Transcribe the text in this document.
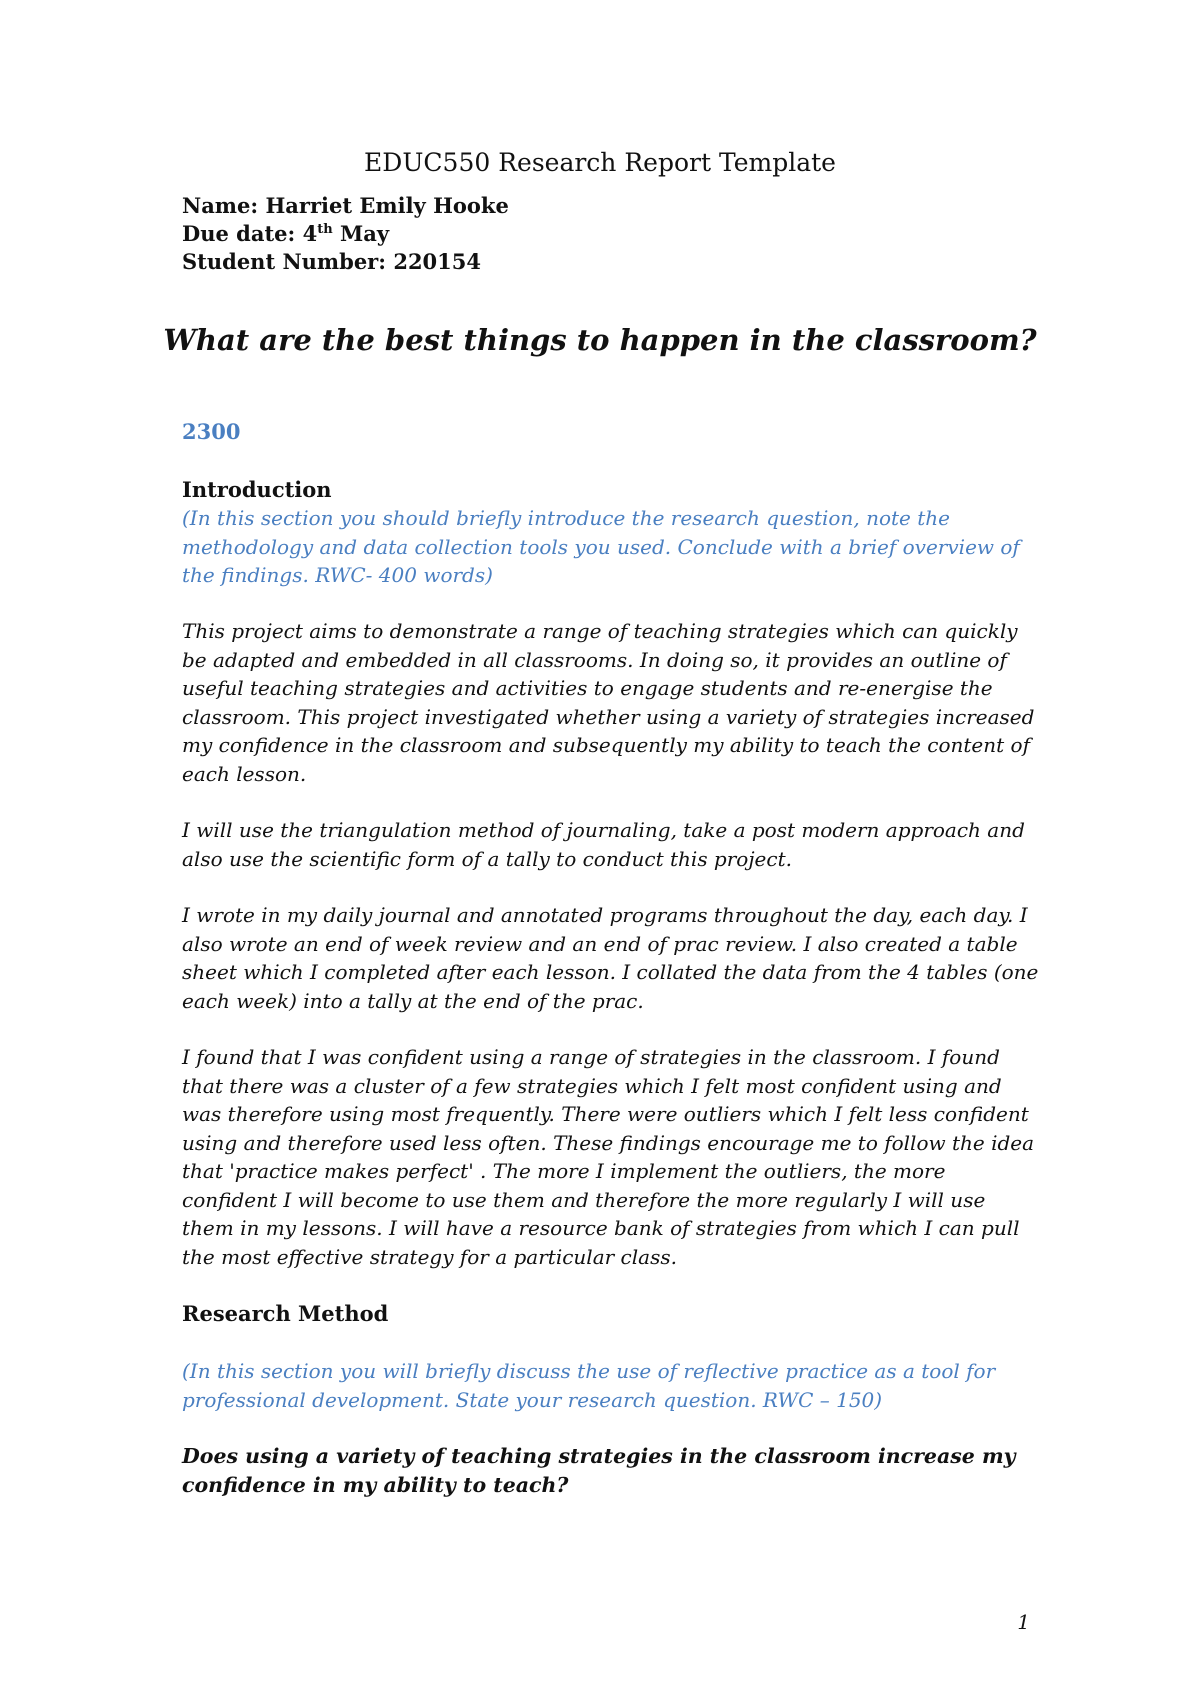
EDUC550 Research Report Template
Name: Harriet Emily Hooke
Due date: 4th May
Student Number: 220154
What are the best things to happen in the classroom?
2300
Introduction
(In this section you should briefly introduce the research question, note the methodology and data collection tools you used. Conclude with a brief overview of the findings. RWC- 400 words)
This project aims to demonstrate a range of teaching strategies which can quickly be adapted and embedded in all classrooms. In doing so, it provides an outline of useful teaching strategies and activities to engage students and re-energise the classroom. This project investigated whether using a variety of strategies increased my confidence in the classroom and subsequently my ability to teach the content of each lesson.
I will use the triangulation method of journaling, take a post modern approach and also use the scientific form of a tally to conduct this project.
I wrote in my daily journal and annotated programs throughout the day, each day. I also wrote an end of week review and an end of prac review. I also created a table sheet which I completed after each lesson. I collated the data from the 4 tables (one each week) into a tally at the end of the prac.
I found that I was confident using a range of strategies in the classroom. I found that there was a cluster of a few strategies which I felt most confident using and was therefore using most frequently. There were outliers which I felt less confident using and therefore used less often. These findings encourage me to follow the idea that 'practice makes perfect' . The more I implement the outliers, the more confident I will become to use them and therefore the more regularly I will use them in my lessons. I will have a resource bank of strategies from which I can pull the most effective strategy for a particular class.
Research Method
(In this section you will briefly discuss the use of reflective practice as a tool for professional development. State your research question. RWC – 150)
Does using a variety of teaching strategies in the classroom increase my confidence in my ability to teach?
1
